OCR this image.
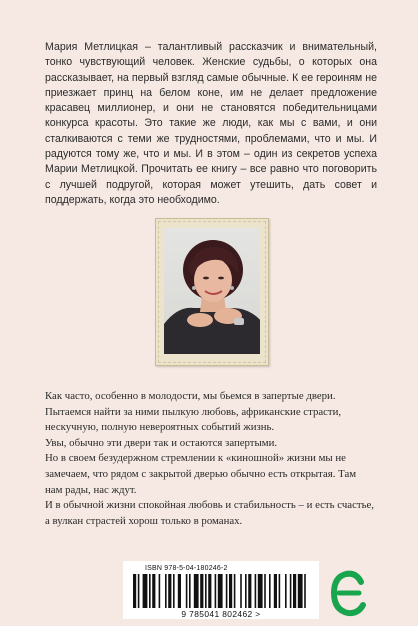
Мария Метлицкая – талантливый рассказчик и внимательный, тонко чувствующий человек. Женские судьбы, о которых она рассказывает, на первый взгляд самые обычные. К ее героиням не приезжает принц на белом коне, им не делает предложение красавец миллионер, и они не становятся победительницами конкурса красоты. Это такие же люди, как мы с вами, и они сталкиваются с теми же трудностями, проблемами, что и мы. И радуются тому же, что и мы. И в этом – один из секретов успеха Марии Метлицкой. Прочитать ее книгу – все равно что поговорить с лучшей подругой, которая может утешить, дать совет и поддержать, когда это необходимо.

Как часто, особенно в молодости, мы бьемся в запертые двери. Пытаемся найти за ними пылкую любовь, африканские страсти, нескучную, полную невероятных событий жизнь.

Увы, обычно эти двери так и остаются запертыми.

Но в своем безудержном стремлении к «киношной» жизни мы не замечаем, что рядом с закрытой дверью обычно есть открытая. Там нам рады, нас ждут.

И в обычной жизни спокойная любовь и стабильность – и есть счастье, а вулкан страстей хорош только в романах.

ISBN 978-5-04-180246-2
9 785041 802462 >
